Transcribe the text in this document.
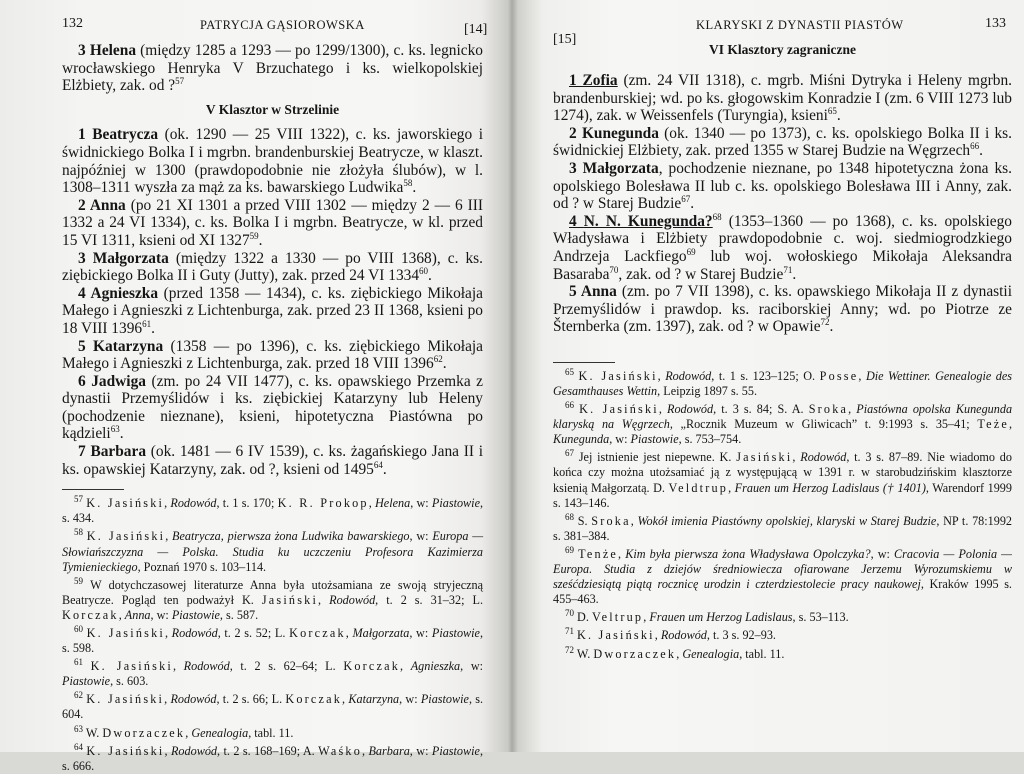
132	PATRYCJA GĄSIOROWSKA	[14]

3 Helena (między 1285 a 1293 — po 1299/1300), c. ks. legnicko wrocławskiego Henryka V Brzuchatego i ks. wielkopolskiej Elżbiety, zak. od ?$^{57}$

V Klasztor w Strzelinie

1 Beatrycza (ok. 1290 — 25 VIII 1322), c. ks. jaworskiego i świdnickiego Bolka I i mgrbn. brandenburskiej Beatrycze, w klaszt. najpóźniej w 1300 (prawdopodobnie nie złożyła ślubów), w l. 1308–1311 wyszła za mąż za ks. bawarskiego Ludwika$^{58}$.

2 Anna (po 21 XI 1301 a przed VIII 1302 — między 2 — 6 III 1332 a 24 VI 1334), c. ks. Bolka I i mgrbn. Beatrycze, w kl. przed 15 VI 1311, ksieni od XI 1327$^{59}$.

3 Małgorzata (między 1322 a 1330 — po VIII 1368), c. ks. ziębickiego Bolka II i Guty (Jutty), zak. przed 24 VI 1334$^{60}$.

4 Agnieszka (przed 1358 — 1434), c. ks. ziębickiego Mikołaja Małego i Agnieszki z Lichtenburga, zak. przed 23 II 1368, ksieni po 18 VIII 1396$^{61}$.

5 Katarzyna (1358 — po 1396), c. ks. ziębickiego Mikołaja Małego i Agnieszki z Lichtenburga, zak. przed 18 VIII 1396$^{62}$.

6 Jadwiga (zm. po 24 VII 1477), c. ks. opawskiego Przemka z dynastii Przemyślidów i ks. ziębickiej Katarzyny lub Heleny (pochodzenie nieznane), ksieni, hipotetyczna Piastówna po kądzieli$^{63}$.

7 Barbara (ok. 1481 — 6 IV 1539), c. ks. żagańskiego Jana II i ks. opawskiej Katarzyny, zak. od ?, ksieni od 1495$^{64}$.

$^{57}$ K. Jasiński, Rodowód, t. 1 s. 170; K. R. Prokop, Helena, w: Piastowie, s. 434.

$^{58}$ K. Jasiński, Beatrycza, pierwsza żona Ludwika bawarskiego, w: Europa — Słowiańszczyzna — Polska. Studia ku uczczeniu Profesora Kazimierza Tymienieckiego, Poznań 1970 s. 103–114.

$^{59}$ W dotychczasowej literaturze Anna była utożsamiana ze swoją stryjeczną Beatrycze. Pogląd ten podważył K. Jasiński, Rodowód, t. 2 s. 31–32; L. Korczak, Anna, w: Piastowie, s. 587.

$^{60}$ K. Jasiński, Rodowód, t. 2 s. 52; L. Korczak, Małgorzata, w: Piastowie, s. 598.

$^{61}$ K. Jasiński, Rodowód, t. 2 s. 62–64; L. Korczak, Agnieszka, w: Piastowie, s. 603.

$^{62}$ K. Jasiński, Rodowód, t. 2 s. 66; L. Korczak, Katarzyna, w: Piastowie, s. 604.

$^{63}$ W. Dworzaczek, Genealogia, tabl. 11.

$^{64}$ K. Jasiński, Rodowód, t. 2 s. 168–169; A. Waśko, Barbara, w: Piastowie, s. 666.

[15]
KLARYSKI Z DYNASTII PIASTÓW	133
VI Klasztory zagraniczne

1 Zofia (zm. 24 VII 1318), c. mgrb. Miśni Dytryka i Heleny mgrbn. brandenburskiej; wd. po ks. głogowskim Konradzie I (zm. 6 VIII 1273 lub 1274), zak. w Weissenfels (Turyngia), ksieni$^{65}$.

2 Kunegunda (ok. 1340 — po 1373), c. ks. opolskiego Bolka II i ks. świdnickiej Elżbiety, zak. przed 1355 w Starej Budzie na Węgrzech$^{66}$.

3 Małgorzata, pochodzenie nieznane, po 1348 hipotetyczna żona ks. opolskiego Bolesława II lub c. ks. opolskiego Bolesława III i Anny, zak. od ? w Starej Budzie$^{67}$.

4 N. N. Kunegunda?$^{68}$ (1353–1360 — po 1368), c. ks. opolskiego Władysława i Elżbiety prawdopodobnie c. woj. siedmiogrodzkiego Andrzeja Lackfiego$^{69}$ lub woj. wołoskiego Mikołaja Aleksandra Basaraba$^{70}$, zak. od ? w Starej Budzie$^{71}$.

5 Anna (zm. po 7 VII 1398), c. ks. opawskiego Mikołaja II z dynastii Przemyślidów i prawdop. ks. raciborskiej Anny; wd. po Piotrze ze Šternberka (zm. 1397), zak. od ? w Opawie$^{72}$.

$^{65}$ K. Jasiński, Rodowód, t. 1 s. 123–125; O. Posse, Die Wettiner. Genealogie des Gesamthauses Wettin, Leipzig 1897 s. 55.

$^{66}$ K. Jasiński, Rodowód, t. 3 s. 84; S. A. Sroka, Piastówna opolska Kunegunda klaryską na Węgrzech, „Rocznik Muzeum w Gliwicach” t. 9:1993 s. 35–41; Teże, Kunegunda, w: Piastowie, s. 753–754.

$^{67}$ Jej istnienie jest niepewne. K. Jasiński, Rodowód, t. 3 s. 87–89. Nie wiadomo do końca czy można utożsamiać ją z występującą w 1391 r. w starobudzińskim klasztorze ksienią Małgorzatą. D. Veldtrup, Frauen um Herzog Ladislaus († 1401), Warendorf 1999 s. 143–146.

$^{68}$ S. Sroka, Wokół imienia Piastówny opolskiej, klaryski w Starej Budzie, NP t. 78:1992 s. 381–384.

$^{69}$ Tenże, Kim była pierwsza żona Władysława Opolczyka?, w: Cracovia — Polonia — Europa. Studia z dziejów średniowiecza ofiarowane Jerzemu Wyrozumskiemu w sześćdziesiątą piątą rocznicę urodzin i czterdziestolecie pracy naukowej, Kraków 1995 s. 455–463.

$^{70}$ D. Veltrup, Frauen um Herzog Ladislaus, s. 53–113.

$^{71}$ K. Jasiński, Rodowód, t. 3 s. 92–93.

$^{72}$ W. Dworzaczek, Genealogia, tabl. 11.
